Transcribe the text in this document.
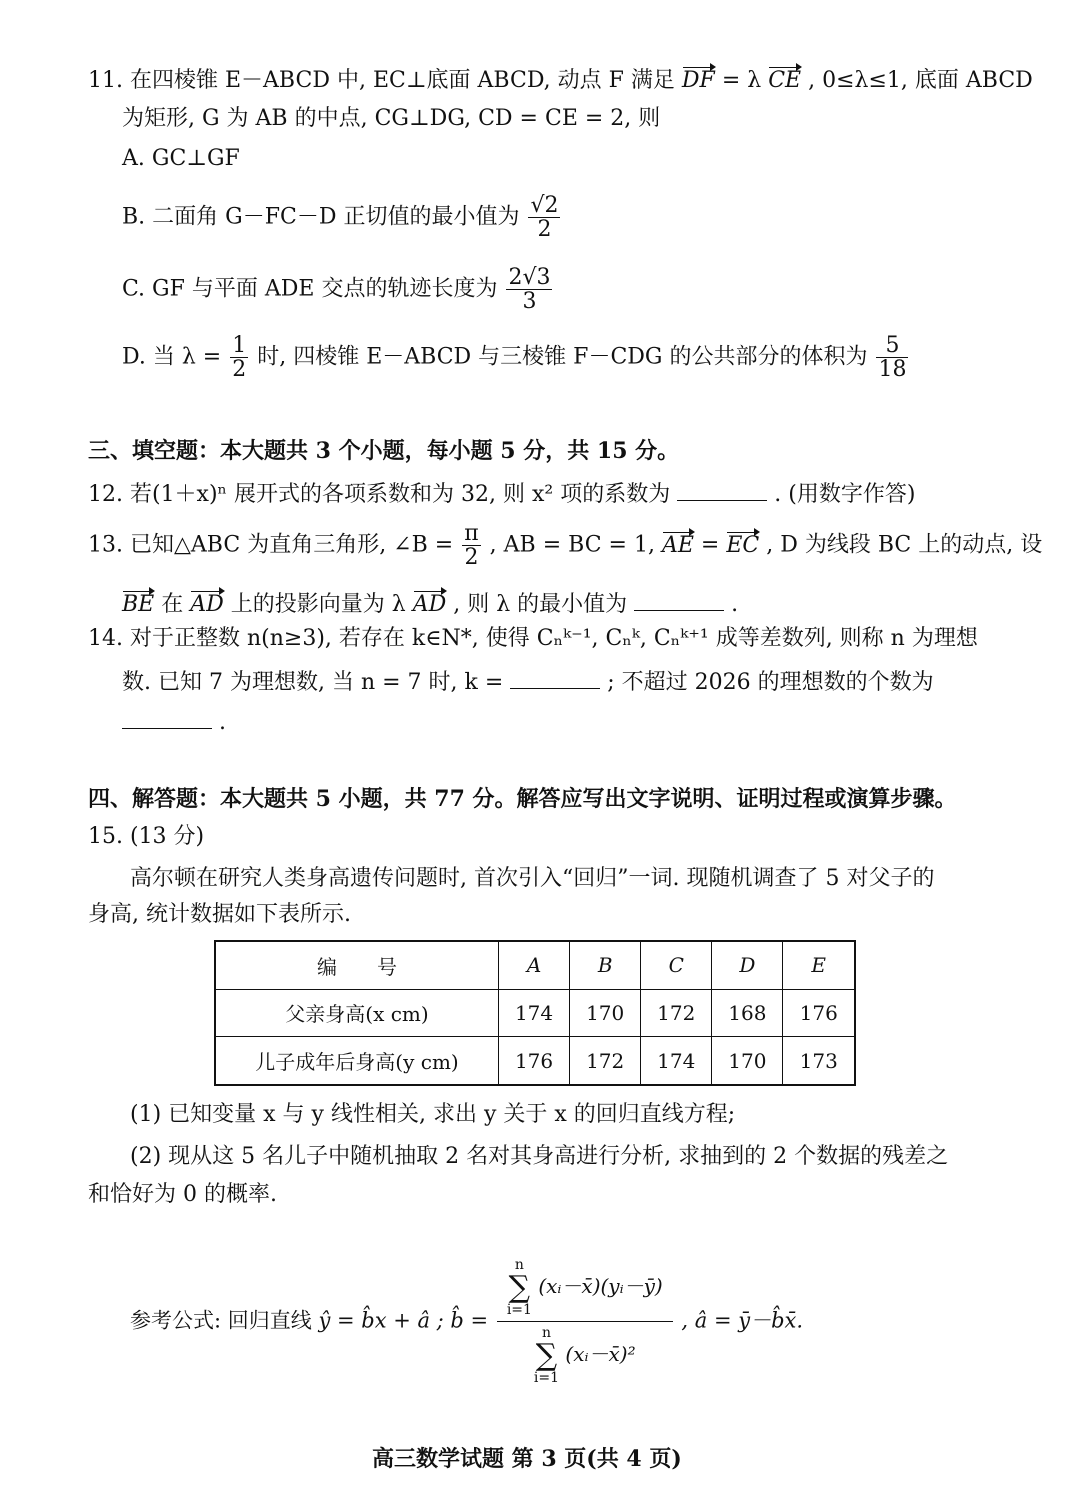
11. 在四棱锥 E－ABCD 中, EC⊥底面 ABCD, 动点 F 满足 DF = λ CE , 0≤λ≤1, 底面 ABCD
为矩形, G 为 AB 的中点, CG⊥DG, CD = CE = 2, 则
A. GC⊥GF
B. 二面角 G－FC－D 正切值的最小值为 $\frac{√2}{2}$
C. GF 与平面 ADE 交点的轨迹长度为 $\frac{2√3}{3}$
D. 当 $\lambda = \frac{1}{2}$ 时, 四棱锥 E－ABCD 与三棱锥 F－CDG 的公共部分的体积为 $\frac{5}{18}$
三、填空题：本大题共 3 个小题，每小题 5 分，共 15 分。
12. 若(1＋x)ⁿ 展开式的各项系数和为 32, 则 x² 项的系数为	. (用数字作答)
13. 已知△ABC 为直角三角形, ∠B = $\frac{\pi}{2}$ , AB = BC = 1, AE = EC , D 为线段 BC 上的动点, 设
BE 在 AD 上的投影向量为 λ AD , 则 λ 的最小值为	.
14. 对于正整数 n(n≥3), 若存在 k∈N*, 使得 Cₙᵏ⁻¹, Cₙᵏ, Cₙᵏ⁺¹ 成等差数列, 则称 n 为理想
数. 已知 7 为理想数, 当 n = 7 时, k =	; 不超过 2026 的理想数的个数为
.
四、解答题：本大题共 5 小题，共 77 分。解答应写出文字说明、证明过程或演算步骤。
15. (13 分)
高尔顿在研究人类身高遗传问题时, 首次引入“回归”一词. 现随机调查了 5 对父子的
身高, 统计数据如下表所示.
编　　号	A	B	C	D	E
父亲身高(x cm)	174	170	172	168	176
儿子成年后身高(y cm)	176	172	174	170	173
(1) 已知变量 x 与 y 线性相关, 求出 y 关于 x 的回归直线方程;
(2) 现从这 5 名儿子中随机抽取 2 名对其身高进行分析, 求抽到的 2 个数据的残差之
和恰好为 0 的概率.
参考公式: 回归直线 ŷ = b̂x + â ; b̂ = n
∑
i=1
(xᵢ－x̄)(yᵢ－ȳ)
n
∑
i=1
(xᵢ－x̄)² , â = ȳ－b̂x̄.
高三数学试题 第 3 页(共 4 页)
